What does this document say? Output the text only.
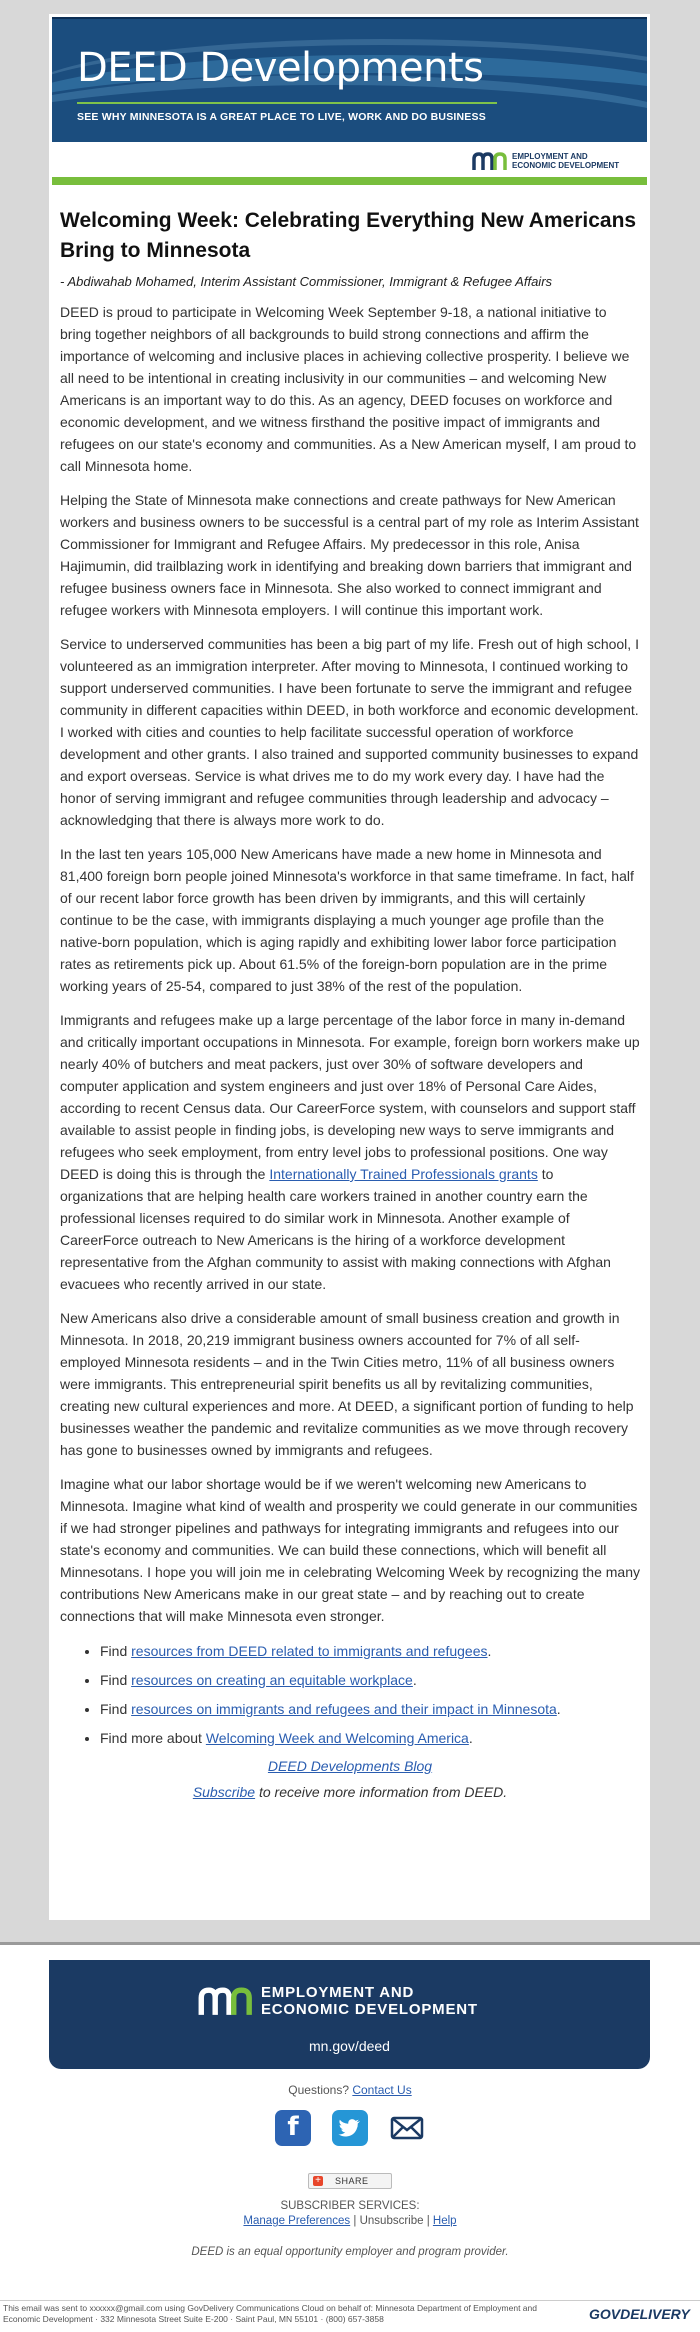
DEED Developments
SEE WHY MINNESOTA IS A GREAT PLACE TO LIVE, WORK AND DO BUSINESS
EMPLOYMENT AND
ECONOMIC DEVELOPMENT
Welcoming Week: Celebrating Everything New Americans Bring to Minnesota

- Abdiwahab Mohamed, Interim Assistant Commissioner, Immigrant & Refugee Affairs

DEED is proud to participate in Welcoming Week September 9-18, a national initiative to bring together neighbors of all backgrounds to build strong connections and affirm the importance of welcoming and inclusive places in achieving collective prosperity. I believe we all need to be intentional in creating inclusivity in our communities – and welcoming New Americans is an important way to do this. As an agency, DEED focuses on workforce and economic development, and we witness firsthand the positive impact of immigrants and refugees on our state's economy and communities. As a New American myself, I am proud to call Minnesota home.

Helping the State of Minnesota make connections and create pathways for New American workers and business owners to be successful is a central part of my role as Interim Assistant Commissioner for Immigrant and Refugee Affairs. My predecessor in this role, Anisa Hajimumin, did trailblazing work in identifying and breaking down barriers that immigrant and refugee business owners face in Minnesota. She also worked to connect immigrant and refugee workers with Minnesota employers. I will continue this important work.

Service to underserved communities has been a big part of my life. Fresh out of high school, I volunteered as an immigration interpreter. After moving to Minnesota, I continued working to support underserved communities. I have been fortunate to serve the immigrant and refugee community in different capacities within DEED, in both workforce and economic development. I worked with cities and counties to help facilitate successful operation of workforce development and other grants. I also trained and supported community businesses to expand and export overseas. Service is what drives me to do my work every day. I have had the honor of serving immigrant and refugee communities through leadership and advocacy – acknowledging that there is always more work to do.

In the last ten years 105,000 New Americans have made a new home in Minnesota and 81,400 foreign born people joined Minnesota's workforce in that same timeframe. In fact, half of our recent labor force growth has been driven by immigrants, and this will certainly continue to be the case, with immigrants displaying a much younger age profile than the native-born population, which is aging rapidly and exhibiting lower labor force participation rates as retirements pick up. About 61.5% of the foreign-born population are in the prime working years of 25-54, compared to just 38% of the rest of the population.

Immigrants and refugees make up a large percentage of the labor force in many in-demand and critically important occupations in Minnesota. For example, foreign born workers make up nearly 40% of butchers and meat packers, just over 30% of software developers and computer application and system engineers and just over 18% of Personal Care Aides, according to recent Census data. Our CareerForce system, with counselors and support staff available to assist people in finding jobs, is developing new ways to serve immigrants and refugees who seek employment, from entry level jobs to professional positions. One way DEED is doing this is through the Internationally Trained Professionals grants to organizations that are helping health care workers trained in another country earn the professional licenses required to do similar work in Minnesota. Another example of CareerForce outreach to New Americans is the hiring of a workforce development representative from the Afghan community to assist with making connections with Afghan evacuees who recently arrived in our state.

New Americans also drive a considerable amount of small business creation and growth in Minnesota. In 2018, 20,219 immigrant business owners accounted for 7% of all self-employed Minnesota residents – and in the Twin Cities metro, 11% of all business owners were immigrants. This entrepreneurial spirit benefits us all by revitalizing communities, creating new cultural experiences and more. At DEED, a significant portion of funding to help businesses weather the pandemic and revitalize communities as we move through recovery has gone to businesses owned by immigrants and refugees.

Imagine what our labor shortage would be if we weren't welcoming new Americans to Minnesota. Imagine what kind of wealth and prosperity we could generate in our communities if we had stronger pipelines and pathways for integrating immigrants and refugees into our state's economy and communities. We can build these connections, which will benefit all Minnesotans. I hope you will join me in celebrating Welcoming Week by recognizing the many contributions New Americans make in our great state – and by reaching out to create connections that will make Minnesota even stronger.

• Find resources from DEED related to immigrants and refugees.
• Find resources on creating an equitable workplace.
• Find resources on immigrants and refugees and their impact in Minnesota.
• Find more about Welcoming Week and Welcoming America.

DEED Developments Blog

Subscribe to receive more information from DEED.

EMPLOYMENT AND
ECONOMIC DEVELOPMENT
mn.gov/deed
Questions? Contact Us
f
+ SHARE
SUBSCRIBER SERVICES:
Manage Preferences | Unsubscribe | Help
DEED is an equal opportunity employer and program provider.
This email was sent to xxxxxx@gmail.com using GovDelivery Communications Cloud on behalf of: Minnesota Department of Employment and Economic Development · 332 Minnesota Street Suite E-200 · Saint Paul, MN 55101 · (800) 657-3858	GOVDELIVERY
